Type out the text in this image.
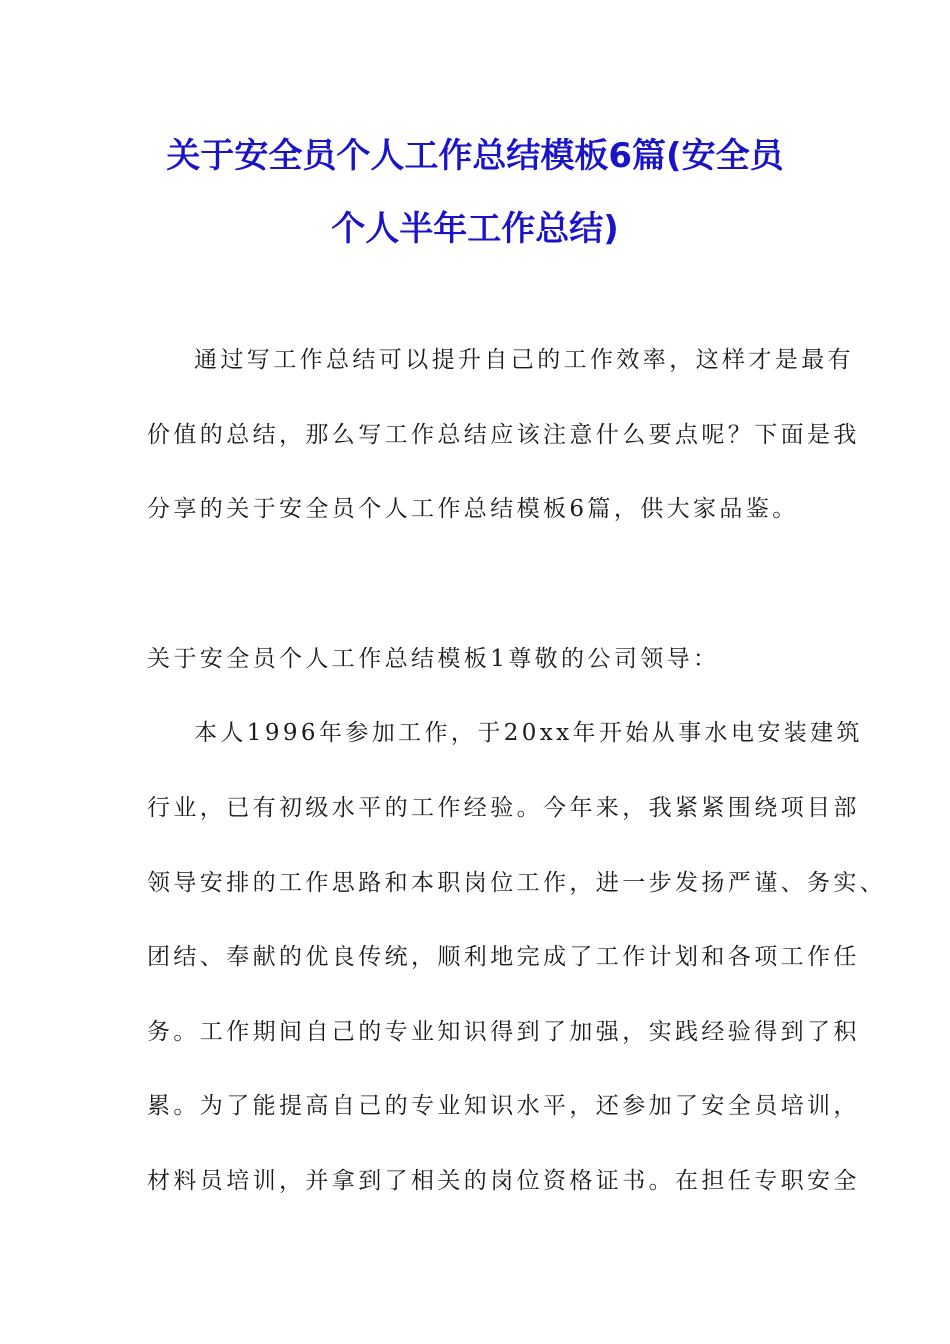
关于安全员个人工作总结模板6篇(安全员
个人半年工作总结)
通过写工作总结可以提升自己的工作效率，这样才是最有
价值的总结，那么写工作总结应该注意什么要点呢？下面是我
分享的关于安全员个人工作总结模板6篇，供大家品鉴。
关于安全员个人工作总结模板1尊敬的公司领导：
本人1996年参加工作，于20xx年开始从事水电安装建筑
行业，已有初级水平的工作经验。今年来，我紧紧围绕项目部
领导安排的工作思路和本职岗位工作，进一步发扬严谨、务实、
团结、奉献的优良传统，顺利地完成了工作计划和各项工作任
务。工作期间自己的专业知识得到了加强，实践经验得到了积
累。为了能提高自己的专业知识水平，还参加了安全员培训，
材料员培训，并拿到了相关的岗位资格证书。在担任专职安全
